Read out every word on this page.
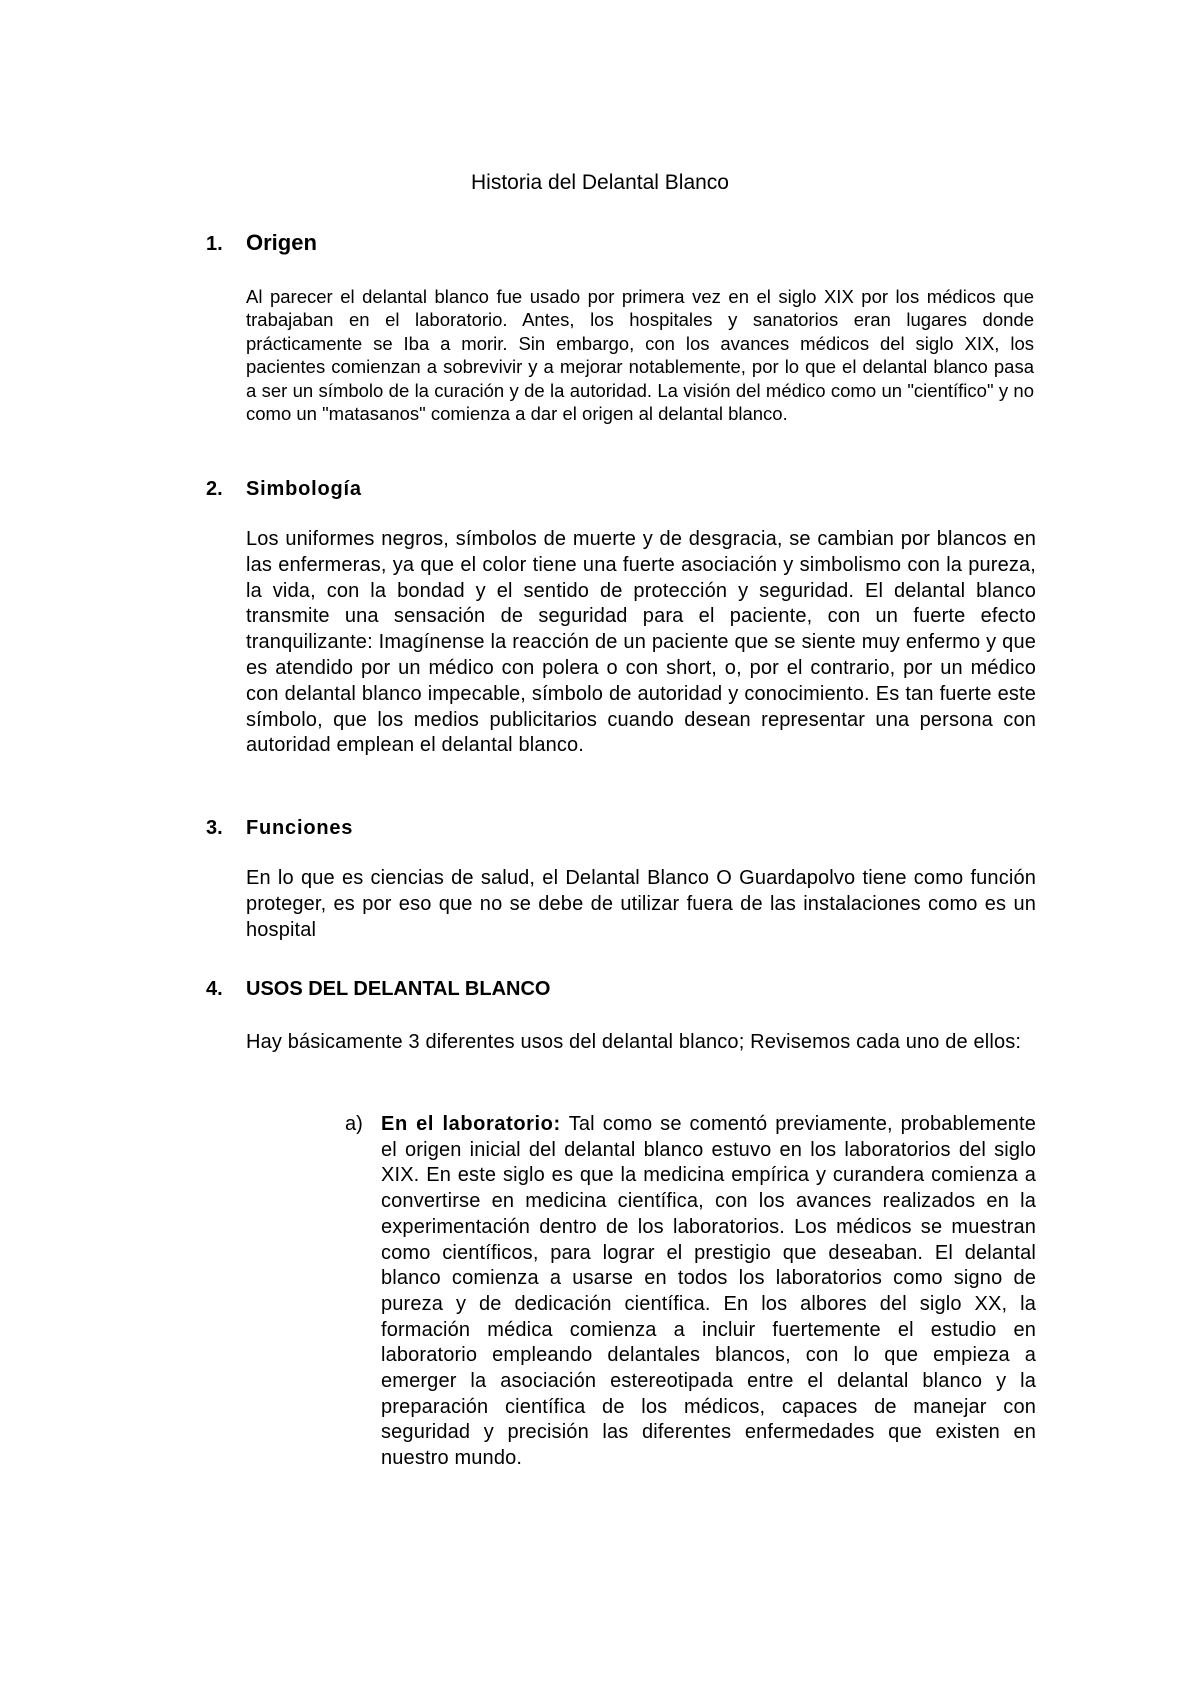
Historia del Delantal Blanco
1. Origen

Al parecer el delantal blanco fue usado por primera vez en el siglo XIX por los médicos que trabajaban en el laboratorio. Antes, los hospitales y sanatorios eran lugares donde prácticamente se Iba a morir. Sin embargo, con los avances médicos del siglo XIX, los pacientes comienzan a sobrevivir y a mejorar notablemente, por lo que el delantal blanco pasa a ser un símbolo de la curación y de la autoridad. La visión del médico como un "científico" y no como un "matasanos" comienza a dar el origen al delantal blanco.

2. Simbología

Los uniformes negros, símbolos de muerte y de desgracia, se cambian por blancos en las enfermeras, ya que el color tiene una fuerte asociación y simbolismo con la pureza, la vida, con la bondad y el sentido de protección y seguridad. El delantal blanco transmite una sensación de seguridad para el paciente, con un fuerte efecto tranquilizante: Imagínense la reacción de un paciente que se siente muy enfermo y que es atendido por un médico con polera o con short, o, por el contrario, por un médico con delantal blanco impecable, símbolo de autoridad y conocimiento. Es tan fuerte este símbolo, que los medios publicitarios cuando desean representar una persona con autoridad emplean el delantal blanco.

3. Funciones

En lo que es ciencias de salud, el Delantal Blanco O Guardapolvo tiene como función proteger, es por eso que no se debe de utilizar fuera de las instalaciones como es un hospital

4. USOS DEL DELANTAL BLANCO

Hay básicamente 3 diferentes usos del delantal blanco; Revisemos cada uno de ellos:

a) En el laboratorio: Tal como se comentó previamente, probablemente el origen inicial del delantal blanco estuvo en los laboratorios del siglo XIX. En este siglo es que la medicina empírica y curandera comienza a convertirse en medicina científica, con los avances realizados en la experimentación dentro de los laboratorios. Los médicos se muestran como científicos, para lograr el prestigio que deseaban. El delantal blanco comienza a usarse en todos los laboratorios como signo de pureza y de dedicación científica. En los albores del siglo XX, la formación médica comienza a incluir fuertemente el estudio en laboratorio empleando delantales blancos, con lo que empieza a emerger la asociación estereotipada entre el delantal blanco y la preparación científica de los médicos, capaces de manejar con seguridad y precisión las diferentes enfermedades que existen en nuestro mundo.
